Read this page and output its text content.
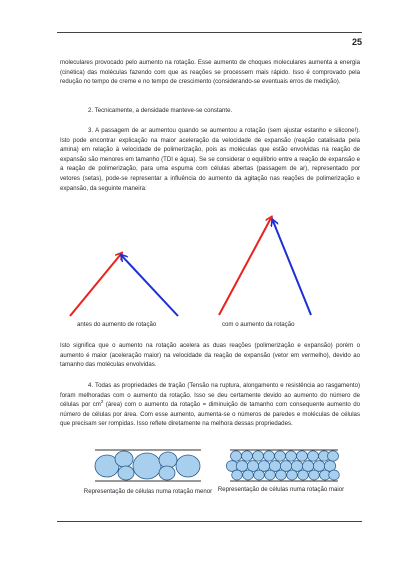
25
moleculares provocado pelo aumento na rotação. Esse aumento de choques moleculares aumenta a energia (cinética) das moléculas fazendo com que as reações se processem mais rápido. Isso é comprovado pela redução no tempo de creme e no tempo de crescimento (considerando-se eventuais erros de medição).
2. Tecnicamente, a densidade manteve-se constante.
3. A passagem de ar aumentou quando se aumentou a rotação (sem ajustar estanho e silicone!). Isto pode encontrar explicação na maior aceleração da velocidade de expansão (reação catalisada pela amina) em relação à velocidade de polimerização, pois as moléculas que estão envolvidas na reação de expansão são menores em tamanho (TDI e água). Se se considerar o equilíbrio entre a reação de expansão e a reação de polimerização, para uma espuma com células abertas (passagem de ar), representado por vetores (setas), pode-se representar a influência do aumento da agitação nas reações de polimerização e expansão, da seguinte maneira:
antes do aumento de rotação	com o aumento da rotação
Isto significa que o aumento na rotação acelera as duas reações (polimerização e expansão) porém o aumento é maior (aceleração maior) na velocidade da reação de expansão (vetor em vermelho), devido ao tamanho das moléculas envolvidas.
4. Todas as propriedades de tração (Tensão na ruptura, alongamento e resistência ao rasgamento) foram melhoradas com o aumento da rotação. Isso se deu certamente devido ao aumento do número de células por $cm^2$ (área) com o aumento da rotação = diminuição de tamanho com consequente aumento do número de células por área. Com esse aumento, aumenta-se o números de paredes e moléculas de células que precisam ser rompidas. Isso reflete diretamente na melhora dessas propriedades.
Representação de células numa rotação menor Representação de células numa rotação maior
